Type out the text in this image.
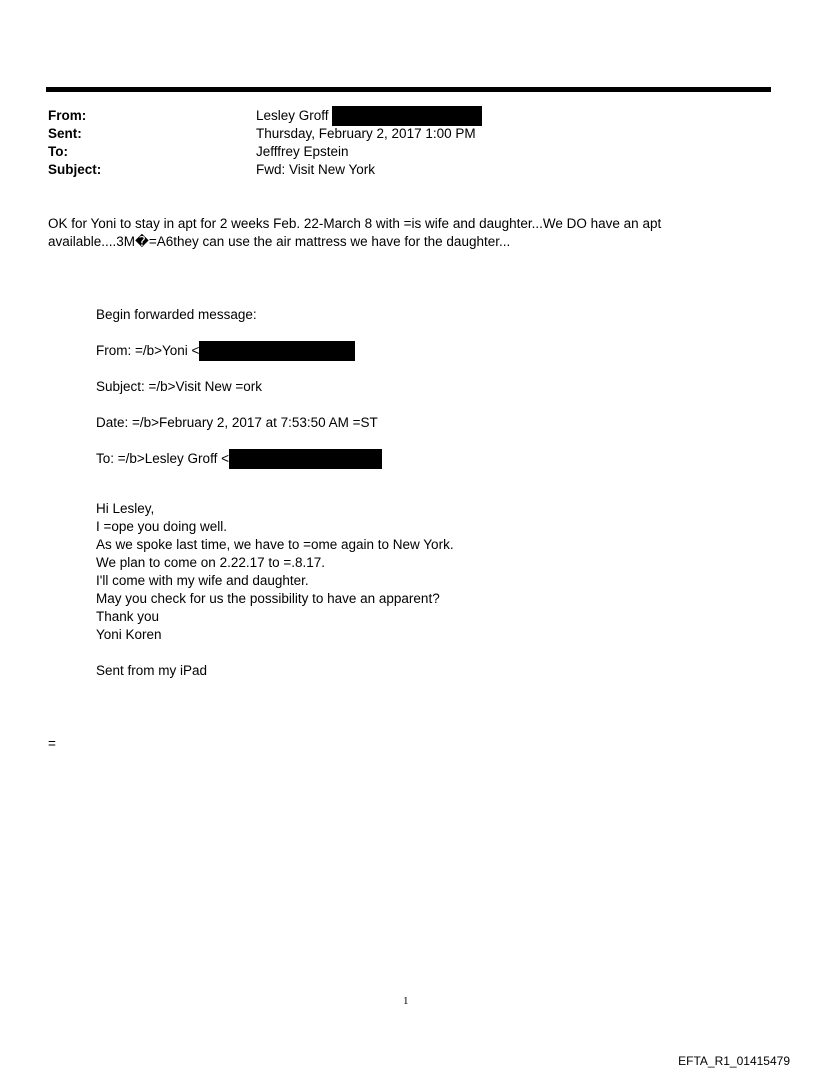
From:	Lesley Groff
Sent:	Thursday, February 2, 2017 1:00 PM
To:	Jefffrey Epstein
Subject:	Fwd: Visit New York
OK for Yoni to stay in apt for 2 weeks Feb. 22-March 8 with =is wife and daughter...We DO have an apt
available....3M�=A6they can use the air mattress we have for the daughter...
Begin forwarded message:
From: =/b>Yoni <
Subject: =/b>Visit New =ork
Date: =/b>February 2, 2017 at 7:53:50 AM =ST
To: =/b>Lesley Groff <
Hi Lesley,
I =ope you doing well.
As we spoke last time, we have to =ome again to New York.
We plan to come on 2.22.17 to =.8.17.
I'll come with my wife and daughter.
May you check for us the possibility to have an apparent?
Thank you
Yoni Koren
Sent from my iPad
=
1
EFTA_R1_01415479
